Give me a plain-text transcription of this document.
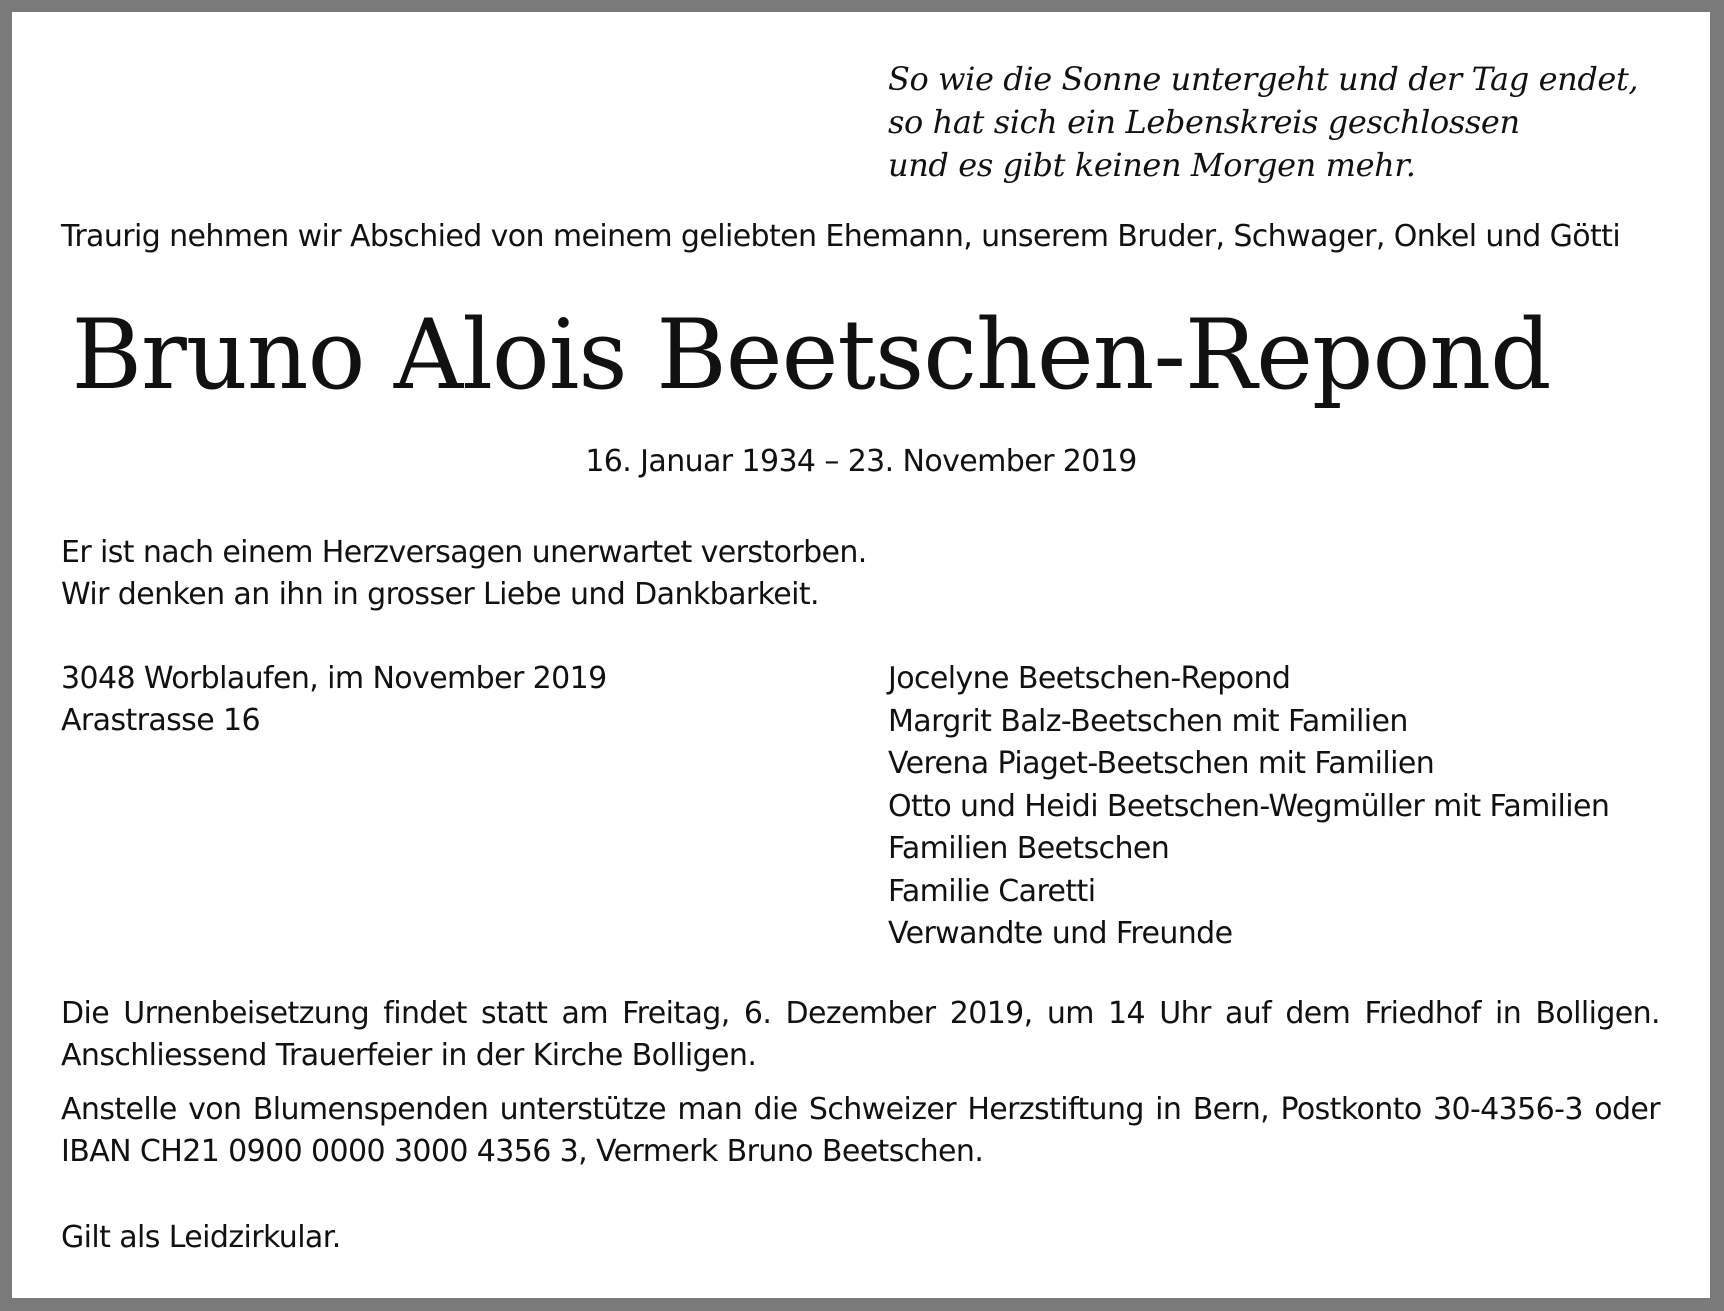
So wie die Sonne untergeht und der Tag endet,
so hat sich ein Lebenskreis geschlossen
und es gibt keinen Morgen mehr.
Traurig nehmen wir Abschied von meinem geliebten Ehemann, unserem Bruder, Schwager, Onkel und Götti
Bruno Alois Beetschen-Repond
16. Januar 1934 – 23. November 2019
Er ist nach einem Herzversagen unerwartet verstorben.
Wir denken an ihn in grosser Liebe und Dankbarkeit.
3048 Worblaufen, im November 2019
Arastrasse 16
Jocelyne Beetschen-Repond
Margrit Balz-Beetschen mit Familien
Verena Piaget-Beetschen mit Familien
Otto und Heidi Beetschen-Wegmüller mit Familien
Familien Beetschen
Familie Caretti
Verwandte und Freunde
Die Urnenbeisetzung findet statt am Freitag, 6. Dezember 2019, um 14 Uhr auf dem Friedhof in Bolligen.
Anschliessend Trauerfeier in der Kirche Bolligen.
Anstelle von Blumenspenden unterstütze man die Schweizer Herzstiftung in Bern, Postkonto 30-4356-3 oder
IBAN CH21 0900 0000 3000 4356 3, Vermerk Bruno Beetschen.
Gilt als Leidzirkular.
